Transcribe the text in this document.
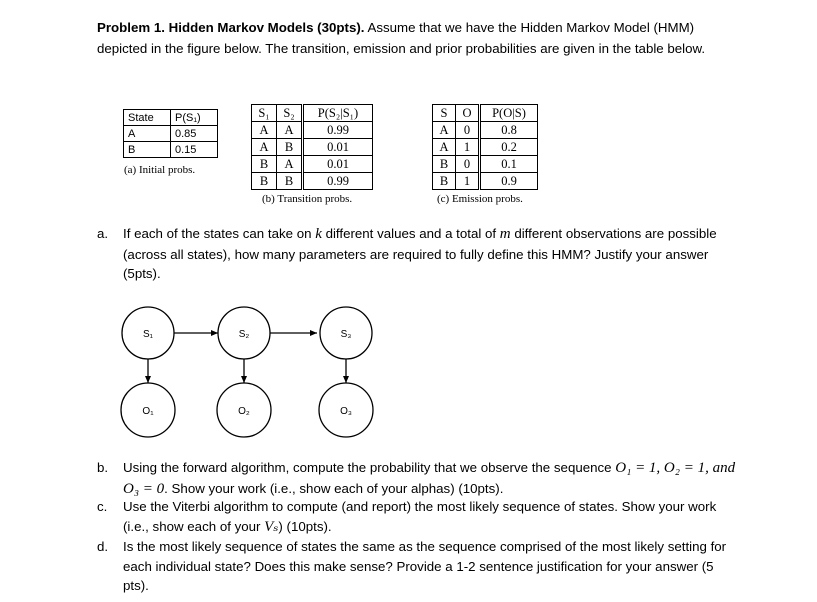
Problem 1. Hidden Markov Models (30pts). Assume that we have the Hidden Markov Model (HMM) depicted in the figure below. The transition, emission and prior probabilities are given in the table below.
State	P(S₁)
A	0.85
B	0.15
(a) Initial probs.
S₁	S₂	P(S₂|S₁)
A	A	0.99
A	B	0.01
B	A	0.01
B	B	0.99
(b) Transition probs.
S	O	P(O|S)
A	0	0.8
A	1	0.2
B	0	0.1
B	1	0.9
(c) Emission probs.
a. If each of the states can take on k different values and a total of m different observations are possible (across all states), how many parameters are required to fully define this HMM? Justify your answer (5pts).
S₁	S₂	S₃
O₁	O₂	O₃
b. Using the forward algorithm, compute the probability that we observe the sequence O₁ = 1, O₂ = 1, and O₃ = 0. Show your work (i.e., show each of your alphas) (10pts).
c. Use the Viterbi algorithm to compute (and report) the most likely sequence of states. Show your work (i.e., show each of your Vₛ) (10pts).
d. Is the most likely sequence of states the same as the sequence comprised of the most likely setting for each individual state? Does this make sense? Provide a 1-2 sentence justification for your answer (5 pts).
